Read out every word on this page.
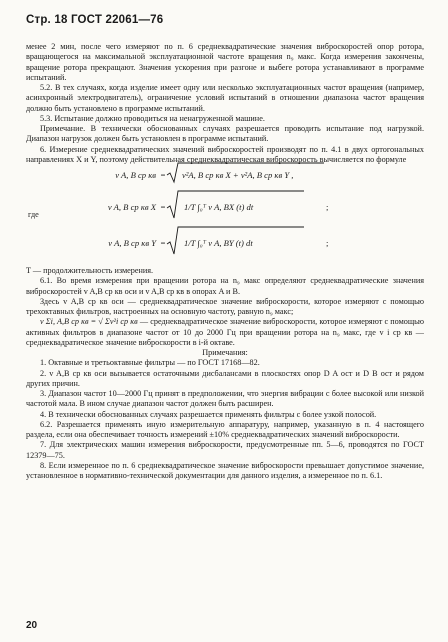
Стр. 18 ГОСТ 22061—76

менее 2 мин, после чего измеряют по п. 6 среднеквадратические значения виброскоростей опор ротора, вращающегося на максимальной эксплуатационной частоте вращения n₉ макс. Когда измерения закончены, вращение ротора прекращают. Значения ускорения при разгоне и выбеге ротора устанавливают в программе испытаний.

5.2. В тех случаях, когда изделие имеет одну или несколько эксплуатационных частот вращения (например, асинхронный электродвигатель), ограничение условий испытаний в отношении диапазона частот вращения должно быть установлено в программе испытаний.

5.3. Испытание должно проводиться на ненагруженной машине.

Примечание. В технически обоснованных случаях разрешается проводить испытание под нагрузкой. Диапазон нагрузок должен быть установлен в программе испытаний.

6. Измерение среднеквадратических значений виброскоростей производят по п. 4.1 в двух ортогональных направлениях X и Y, поэтому действительная среднеквадратическая виброскорость вычисляется по формуле

v A, B ср кв =	v²A, B ср кв X + v²A, B ср кв Y ,
где
v A, B ср кв X =	1/T ∫₀ᵀ v A, BX (t) dt	;
v A, B ср кв Y =	1/T ∫₀ᵀ v A, BY (t) dt	;

T — продолжительность измерения.

6.1. Во время измерения при вращении ротора на n₉ макс определяют среднеквадратические значения виброскоростей v A,B ср кв оси и v A,B ср кв в опорах A и B.

Здесь v A,B ср кв оси — среднеквадратическое значение виброскорости, которое измеряют с помощью трехоктавных фильтров, настроенных на основную частоту, равную n₉ макс;

v Σi, A,B ср кв = √ Σv²i ср кв — среднеквадратическое значение виброскорости, которое измеряют с помощью активных фильтров в диапазоне частот от 10 до 2000 Гц при вращении ротора на n₉ макс, где v i ср кв — среднеквадратическое значение виброскорости в i-й октаве.

Примечания:

1. Октавные и третьоктавные фильтры — по ГОСТ 17168—82.

2. v A,B ср кв оси вызывается остаточными дисбалансами в плоскостях опор D A ост и D B ост и рядом других причин.

3. Диапазон частот 10—2000 Гц принят в предположении, что энергия вибрации с более высокой или низкой частотой мала. В ином случае диапазон частот должен быть расширен.

4. В технически обоснованных случаях разрешается применять фильтры с более узкой полосой.

6.2. Разрешается применять иную измерительную аппаратуру, например, указанную в п. 4 настоящего раздела, если она обеспечивает точность измерений ±10% среднеквадратических значений виброскорости.

7. Для электрических машин измерения виброскорости, предусмотренные пп. 5—6, проводятся по ГОСТ 12379—75.

8. Если измеренное по п. 6 среднеквадратическое значение виброскорости превышает допустимое значение, установленное в нормативно-технической документации для данного изделия, а измеренное по п. 6.1.

20
